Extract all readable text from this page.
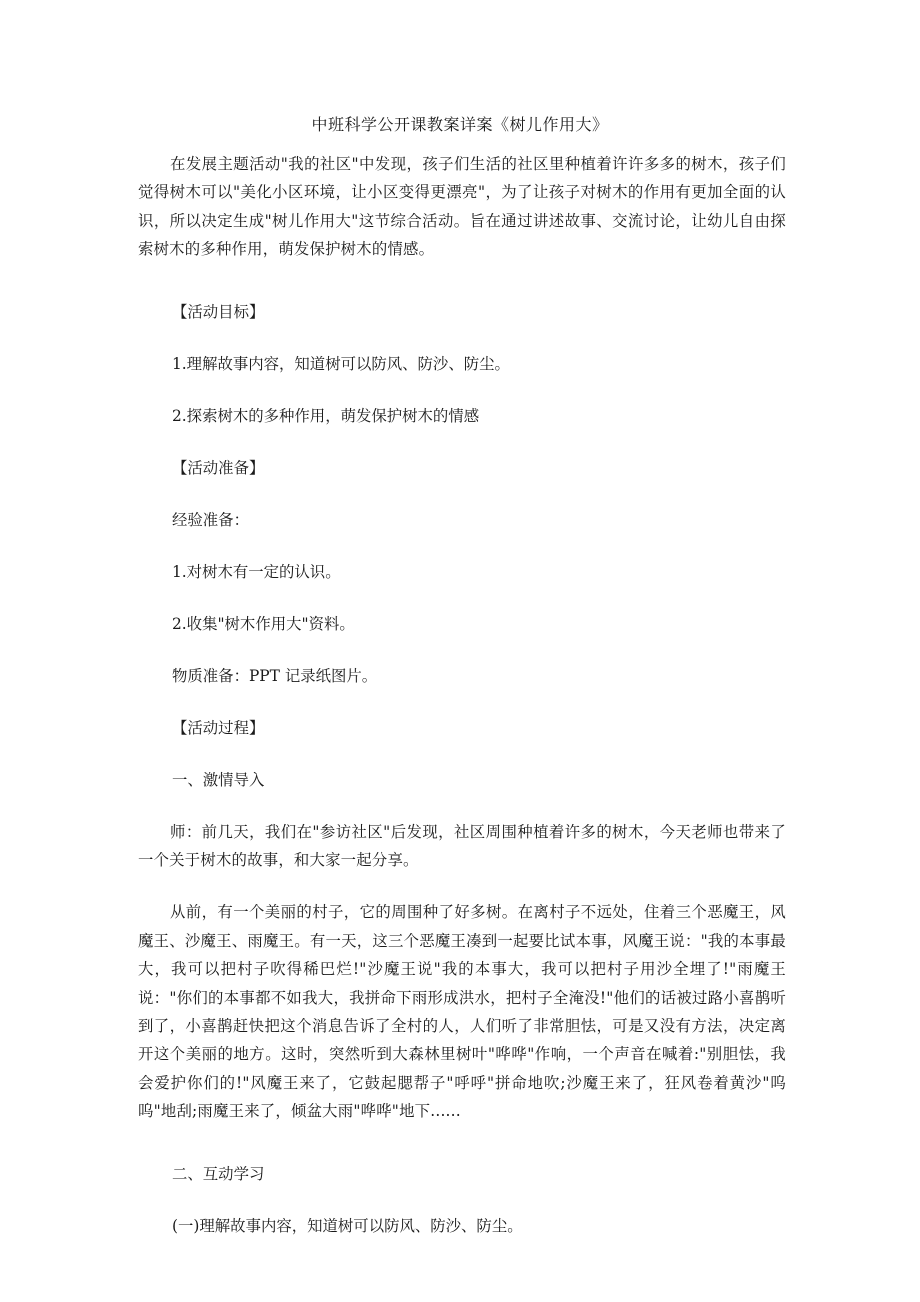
中班科学公开课教案详案《树儿作用大》

在发展主题活动"我的社区"中发现，孩子们生活的社区里种植着许许多多的树木，孩子们觉得树木可以"美化小区环境，让小区变得更漂亮"，为了让孩子对树木的作用有更加全面的认识，所以决定生成"树儿作用大"这节综合活动。旨在通过讲述故事、交流讨论，让幼儿自由探索树木的多种作用，萌发保护树木的情感。

【活动目标】

1.理解故事内容，知道树可以防风、防沙、防尘。

2.探索树木的多种作用，萌发保护树木的情感

【活动准备】

经验准备：

1.对树木有一定的认识。

2.收集"树木作用大"资料。

物质准备：PPT 记录纸图片。

【活动过程】

一、激情导入

师：前几天，我们在"参访社区"后发现，社区周围种植着许多的树木，今天老师也带来了一个关于树木的故事，和大家一起分享。

从前，有一个美丽的村子，它的周围种了好多树。在离村子不远处，住着三个恶魔王，风魔王、沙魔王、雨魔王。有一天，这三个恶魔王凑到一起要比试本事，风魔王说："我的本事最大，我可以把村子吹得稀巴烂!"沙魔王说"我的本事大，我可以把村子用沙全埋了!"雨魔王说："你们的本事都不如我大，我拼命下雨形成洪水，把村子全淹没!"他们的话被过路小喜鹊听到了，小喜鹊赶快把这个消息告诉了全村的人，人们听了非常胆怯，可是又没有方法，决定离开这个美丽的地方。这时，突然听到大森林里树叶"哗哗"作响，一个声音在喊着:"别胆怯，我会爱护你们的!"风魔王来了，它鼓起腮帮子"呼呼"拼命地吹;沙魔王来了，狂风卷着黄沙"呜呜"地刮;雨魔王来了，倾盆大雨"哗哗"地下......

二、互动学习

(一)理解故事内容，知道树可以防风、防沙、防尘。
